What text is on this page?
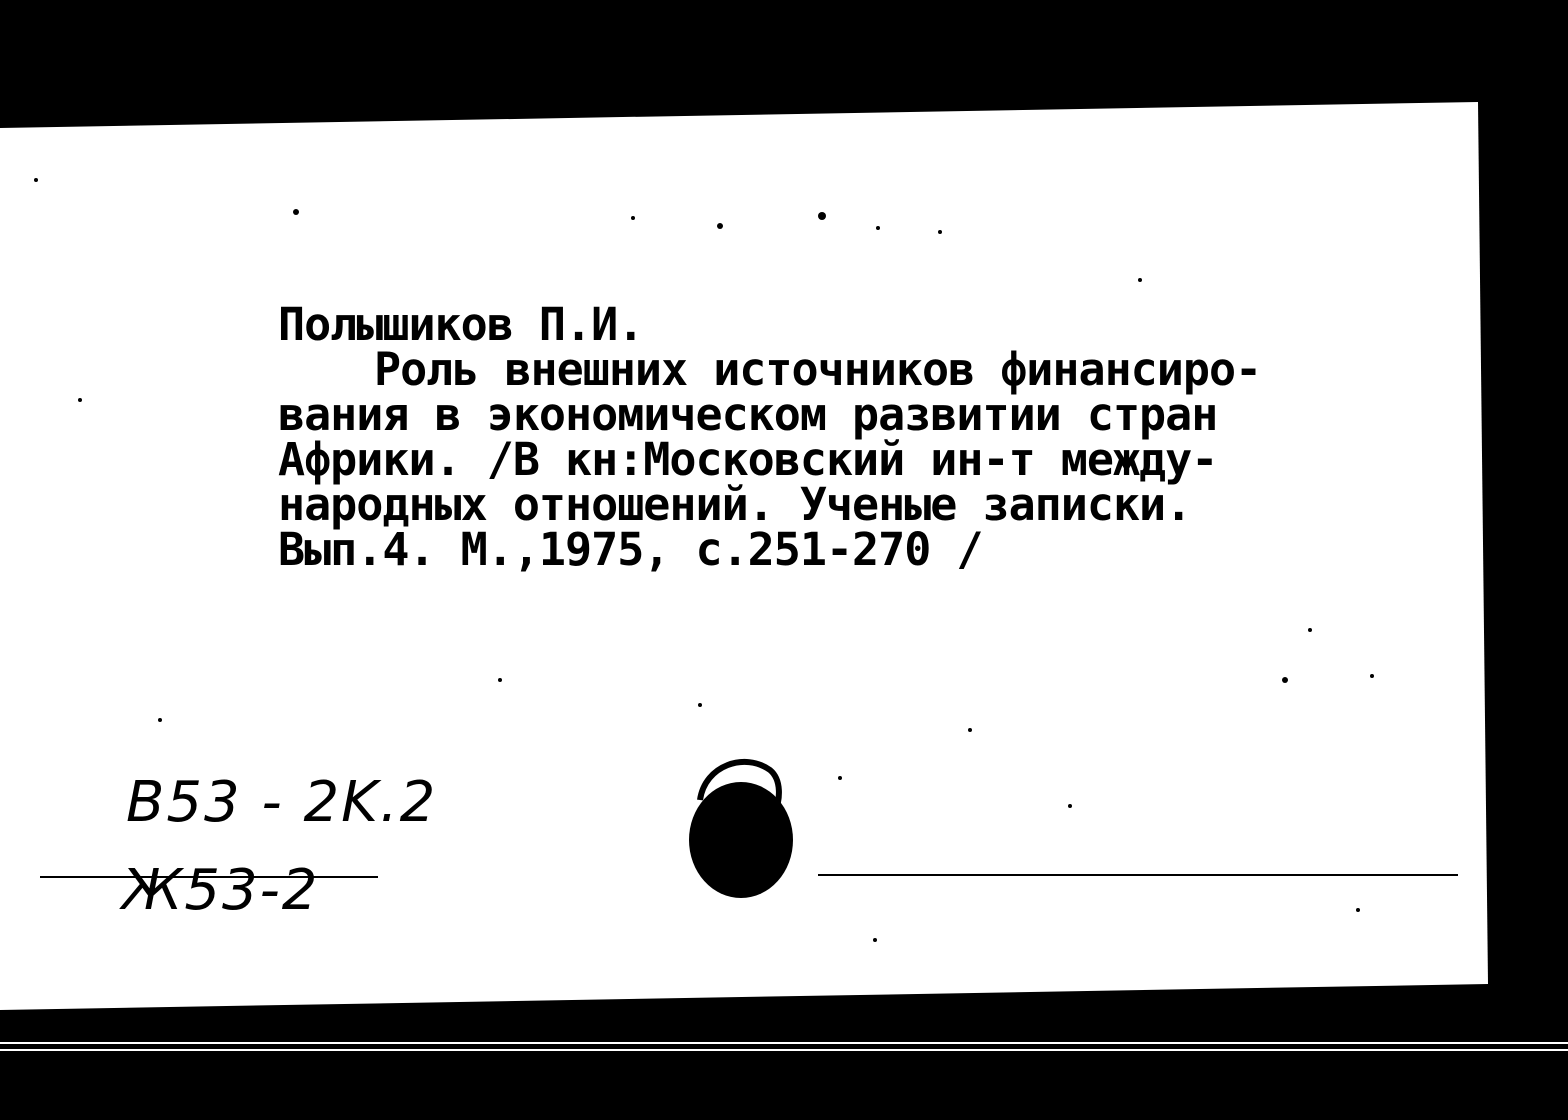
Полышиков П.И.
Роль внешних источников финансиро-
вания в экономическом развитии стран
Африки. /В кн:Московский ин-т между-
народных отношений. Ученые записки.
Вып.4. М.,1975, с.251-270 /
B53 - 2K.2
Ж53-2
